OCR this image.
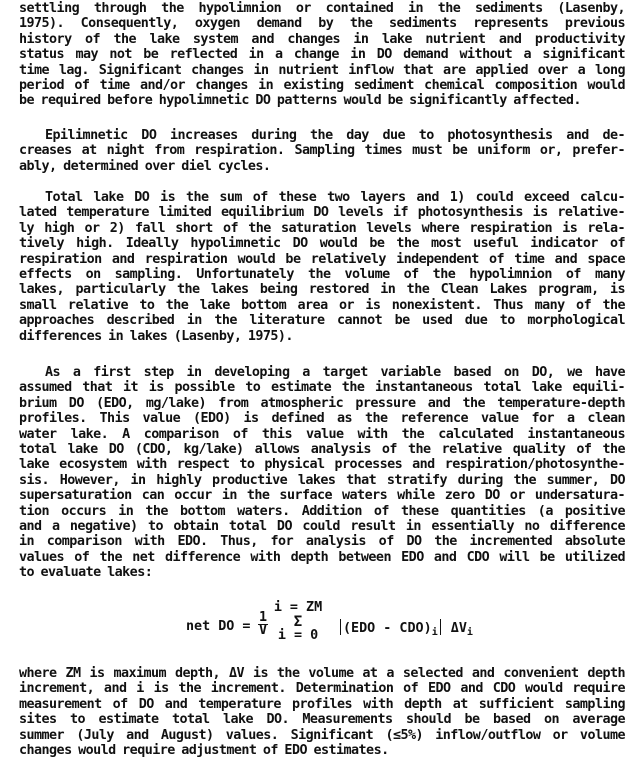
settling through the hypolimnion or contained in the sediments (Lasenby,
1975). Consequently, oxygen demand by the sediments represents previous
history of the lake system and changes in lake nutrient and productivity
status may not be reflected in a change in DO demand without a significant
time lag. Significant changes in nutrient inflow that are applied over a long
period of time and/or changes in existing sediment chemical composition would
be required before hypolimnetic DO patterns would be significantly affected.
Epilimnetic DO increases during the day due to photosynthesis and de-
creases at night from respiration. Sampling times must be uniform or, prefer-
ably, determined over diel cycles.
Total lake DO is the sum of these two layers and 1) could exceed calcu-
lated temperature limited equilibrium DO levels if photosynthesis is relative-
ly high or 2) fall short of the saturation levels where respiration is rela-
tively high. Ideally hypolimnetic DO would be the most useful indicator of
respiration and respiration would be relatively independent of time and space
effects on sampling. Unfortunately the volume of the hypolimnion of many
lakes, particularly the lakes being restored in the Clean Lakes program, is
small relative to the lake bottom area or is nonexistent. Thus many of the
approaches described in the literature cannot be used due to morphological
differences in lakes (Lasenby, 1975).
As a first step in developing a target variable based on DO, we have
assumed that it is possible to estimate the instantaneous total lake equili-
brium DO (EDO, mg/lake) from atmospheric pressure and the temperature-depth
profiles. This value (EDO) is defined as the reference value for a clean
water lake. A comparison of this value with the calculated instantaneous
total lake DO (CDO, kg/lake) allows analysis of the relative quality of the
lake ecosystem with respect to physical processes and respiration/photosynthe-
sis. However, in highly productive lakes that stratify during the summer, DO
supersaturation can occur in the surface waters while zero DO or undersatura-
tion occurs in the bottom waters. Addition of these quantities (a positive
and a negative) to obtain total DO could result in essentially no difference
in comparison with EDO. Thus, for analysis of DO the incremented absolute
values of the net difference with depth between EDO and CDO will be utilized
to evaluate lakes:
net DO = $\frac{1}{V}$
i = ZM
Σ
i = 0	$(EDO - CDO)_i$ $\Delta V_i$
where ZM is maximum depth, ΔV is the volume at a selected and convenient depth
increment, and i is the increment. Determination of EDO and CDO would require
measurement of DO and temperature profiles with depth at sufficient sampling
sites to estimate total lake DO. Measurements should be based on average
summer (July and August) values. Significant (≤5%) inflow/outflow or volume
changes would require adjustment of EDO estimates.
